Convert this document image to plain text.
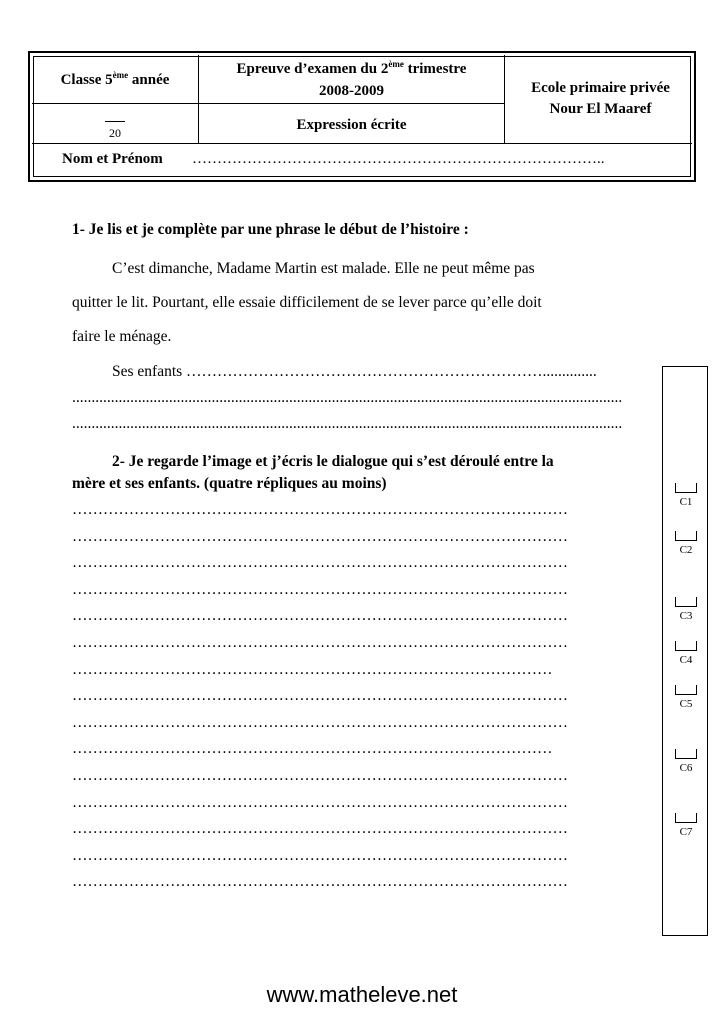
Classe 5ème année
Epreuve d’examen du 2ème trimestre
2008-2009	Ecole primaire privée
Nour El Maaref
20	Expression écrite
Nom et Prénom ………………………………………………………………………..
1- Je lis et je complète par une phrase le début de l’histoire :
C’est dimanche, Madame Martin est malade. Elle ne peut même pas
quitter le lit. Pourtant, elle essaie difficilement de se lever parce qu’elle doit
faire le ménage.
Ses enfants ……………………………………………………………..............
..............................................................................................................................................
..............................................................................................................................................
2- Je regarde l’image et j’écris le dialogue qui s’est déroulé entre la
mère et ses enfants. (quatre répliques au moins)
……………………………………………………………………………………
……………………………………………………………………………………
……………………………………………………………………………………
……………………………………………………………………………………
……………………………………………………………………………………
……………………………………………………………………………………
…………………………………………………………………………………
……………………………………………………………………………………
……………………………………………………………………………………
…………………………………………………………………………………
……………………………………………………………………………………
……………………………………………………………………………………
……………………………………………………………………………………
……………………………………………………………………………………
……………………………………………………………………………………
C1
C2
C3
C4
C5
C6
C7
www.matheleve.net
